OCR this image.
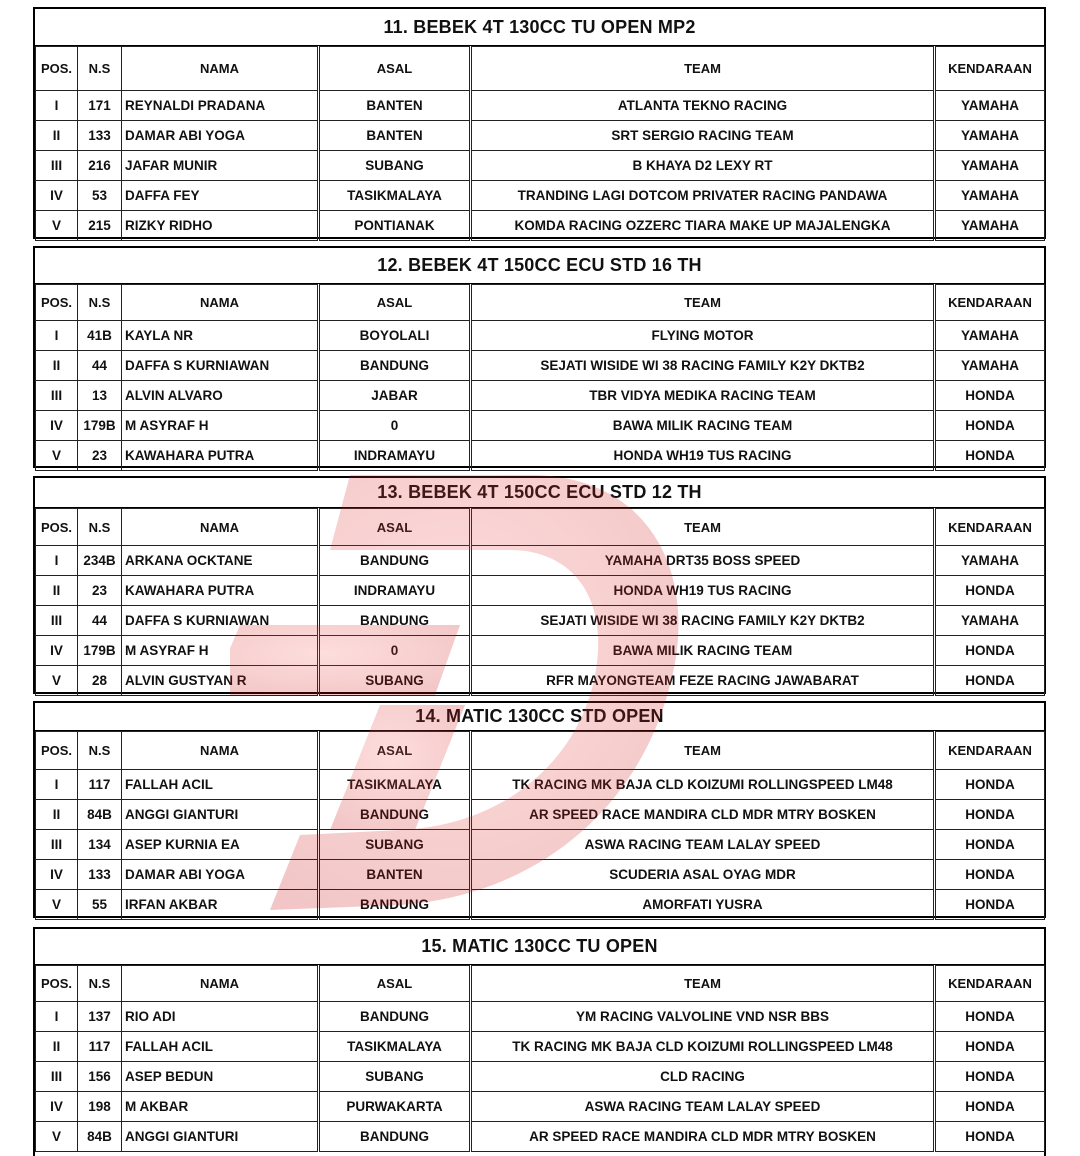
11. BEBEK 4T 130CC TU OPEN MP2
POS.	N.S	NAMA	ASAL	TEAM	KENDARAAN
I	171	REYNALDI PRADANA	BANTEN	ATLANTA TEKNO RACING	YAMAHA
II	133	DAMAR ABI YOGA	BANTEN	SRT SERGIO RACING TEAM	YAMAHA
III	216	JAFAR MUNIR	SUBANG	B KHAYA D2 LEXY RT	YAMAHA
IV	53	DAFFA FEY	TASIKMALAYA	TRANDING LAGI DOTCOM PRIVATER RACING PANDAWA	YAMAHA
V	215	RIZKY RIDHO	PONTIANAK	KOMDA RACING OZZERC TIARA MAKE UP MAJALENGKA	YAMAHA
12. BEBEK 4T 150CC ECU STD 16 TH
POS.	N.S	NAMA	ASAL	TEAM	KENDARAAN
I	41B	KAYLA NR	BOYOLALI	FLYING MOTOR	YAMAHA
II	44	DAFFA S KURNIAWAN	BANDUNG	SEJATI WISIDE WI 38 RACING FAMILY K2Y DKTB2	YAMAHA
III	13	ALVIN ALVARO	JABAR	TBR VIDYA MEDIKA RACING TEAM	HONDA
IV	179B	M ASYRAF H	0	BAWA MILIK RACING TEAM	HONDA
V	23	KAWAHARA PUTRA	INDRAMAYU	HONDA WH19 TUS RACING	HONDA
13. BEBEK 4T 150CC ECU STD 12 TH
POS.	N.S	NAMA	ASAL	TEAM	KENDARAAN
I	234B	ARKANA OCKTANE	BANDUNG	YAMAHA DRT35 BOSS SPEED	YAMAHA
II	23	KAWAHARA PUTRA	INDRAMAYU	HONDA WH19 TUS RACING	HONDA
III	44	DAFFA S KURNIAWAN	BANDUNG	SEJATI WISIDE WI 38 RACING FAMILY K2Y DKTB2	YAMAHA
IV	179B	M ASYRAF H	0	BAWA MILIK RACING TEAM	HONDA
V	28	ALVIN GUSTYAN R	SUBANG	RFR MAYONGTEAM FEZE RACING JAWABARAT	HONDA
14. MATIC 130CC STD OPEN
POS.	N.S	NAMA	ASAL	TEAM	KENDARAAN
I	117	FALLAH ACIL	TASIKMALAYA	TK RACING MK BAJA CLD KOIZUMI ROLLINGSPEED LM48	HONDA
II	84B	ANGGI GIANTURI	BANDUNG	AR SPEED RACE MANDIRA CLD MDR MTRY BOSKEN	HONDA
III	134	ASEP KURNIA EA	SUBANG	ASWA RACING TEAM LALAY SPEED	HONDA
IV	133	DAMAR ABI YOGA	BANTEN	SCUDERIA ASAL OYAG MDR	HONDA
V	55	IRFAN AKBAR	BANDUNG	AMORFATI YUSRA	HONDA
15. MATIC 130CC TU OPEN
POS.	N.S	NAMA	ASAL	TEAM	KENDARAAN
I	137	RIO ADI	BANDUNG	YM RACING VALVOLINE VND NSR BBS	HONDA
II	117	FALLAH ACIL	TASIKMALAYA	TK RACING MK BAJA CLD KOIZUMI ROLLINGSPEED LM48	HONDA
III	156	ASEP BEDUN	SUBANG	CLD RACING	HONDA
IV	198	M AKBAR	PURWAKARTA	ASWA RACING TEAM LALAY SPEED	HONDA
V	84B	ANGGI GIANTURI	BANDUNG	AR SPEED RACE MANDIRA CLD MDR MTRY BOSKEN	HONDA
